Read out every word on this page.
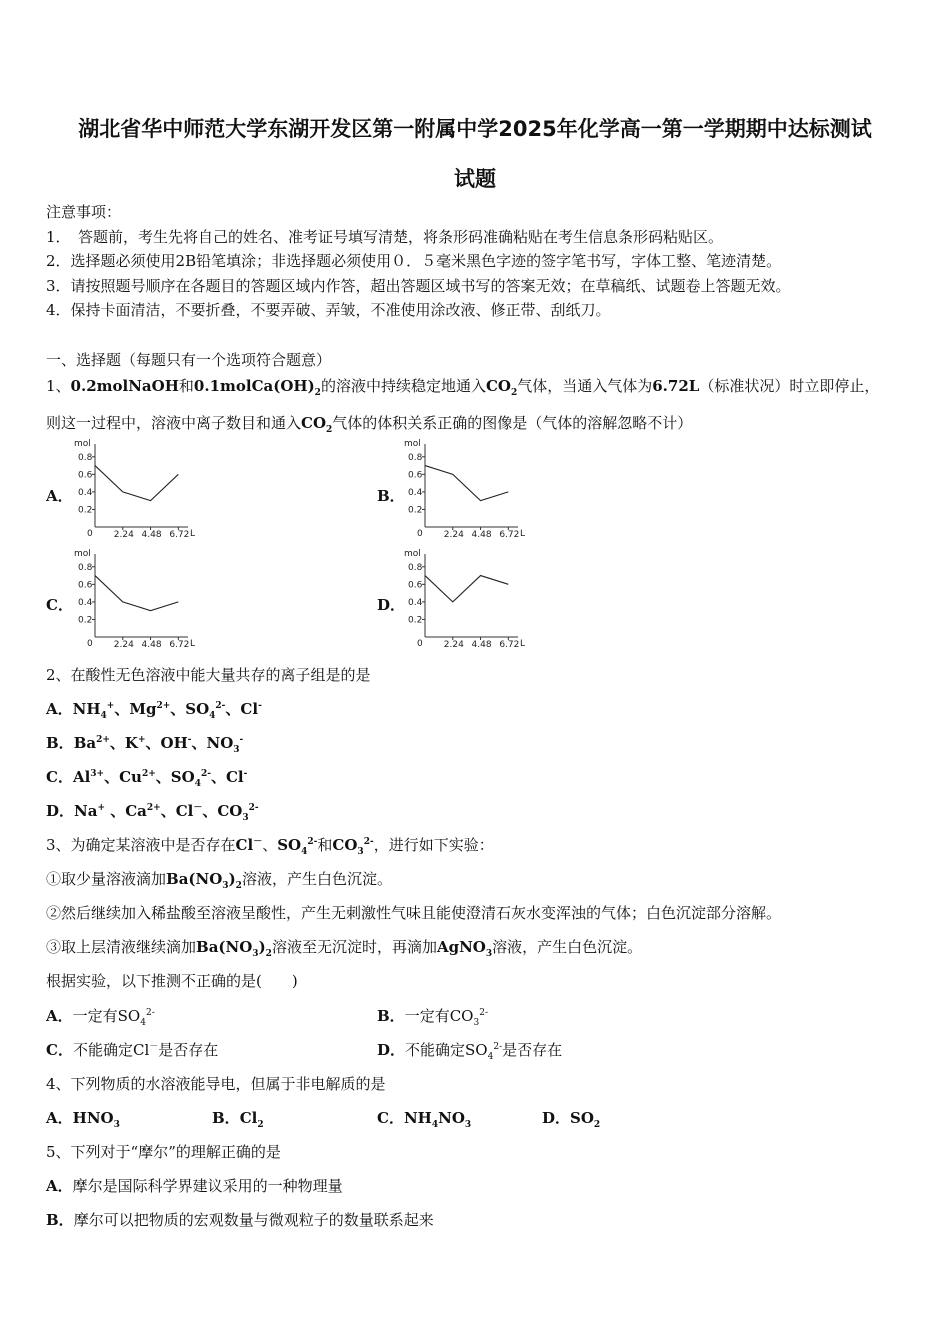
湖北省华中师范大学东湖开发区第一附属中学2025年化学高一第一学期期中达标测试
试题
注意事项：
1．　答题前，考生先将自己的姓名、准考证号填写清楚，将条形码准确粘贴在考生信息条形码粘贴区。
2．选择题必须使用2B铅笔填涂；非选择题必须使用０．５毫米黑色字迹的签字笔书写，字体工整、笔迹清楚。
3．请按照题号顺序在各题目的答题区域内作答，超出答题区域书写的答案无效；在草稿纸、试题卷上答题无效。
4．保持卡面清洁，不要折叠，不要弄破、弄皱，不准使用涂改液、修正带、刮纸刀。
一、选择题（每题只有一个选项符合题意）
1、0.2molNaOH和$0.1molCa(OH)_2$的溶液中持续稳定地通入$CO_2$气体，当通入气体为6.72L（标准状况）时立即停止，
则这一过程中，溶液中离子数目和通入$CO_2$气体的体积关系正确的图像是（气体的溶解忽略不计）
A．	B．
C．	D．
mol
L
0
0.2
0.4
0.6
0.8
2.24 4.48 6.72
mol
L
0
0.2
0.4
0.6
0.8
2.24 4.48 6.72
mol
L
0
0.2
0.4
0.6
0.8
2.24 4.48 6.72
mol
L
0
0.2
0.4
0.6
0.8
2.24 4.48 6.72
2、在酸性无色溶液中能大量共存的离子组是的是
A．$NH_4^+$、$Mg^{2+}$、$SO_4^{2-}$、Cl-
B．$Ba^{2+}$、K+、OH-、$NO_3^-$
C．$Al^{3+}$、$Cu^{2+}$、$SO_4^{2-}$、Cl-
D．Na+ 、$Ca^{2+}$、Cl－、$CO_3^{2-}$
3、为确定某溶液中是否存在Cl－、$SO_4^{2-}$和$CO_3^{2-}$，进行如下实验：
①取少量溶液滴加$Ba(NO_3)_2$溶液，产生白色沉淀。
②然后继续加入稀盐酸至溶液呈酸性，产生无刺激性气味且能使澄清石灰水变浑浊的气体；白色沉淀部分溶解。
③取上层清液继续滴加$Ba(NO_3)_2$溶液至无沉淀时，再滴加AgNO$_3$溶液，产生白色沉淀。
根据实验，以下推测不正确的是(　　)
A．一定有$SO_4^{2-}$	B．一定有$CO_3^{2-}$
C．不能确定Cl－是否存在	D．不能确定$SO_4^{2-}$是否存在
4、下列物质的水溶液能导电，但属于非电解质的是
A．$HNO_3$	B．$Cl_2$	C．$NH_4NO_3$	D．$SO_2$
5、下列对于“摩尔”的理解正确的是
A．摩尔是国际科学界建议采用的一种物理量
B．摩尔可以把物质的宏观数量与微观粒子的数量联系起来
